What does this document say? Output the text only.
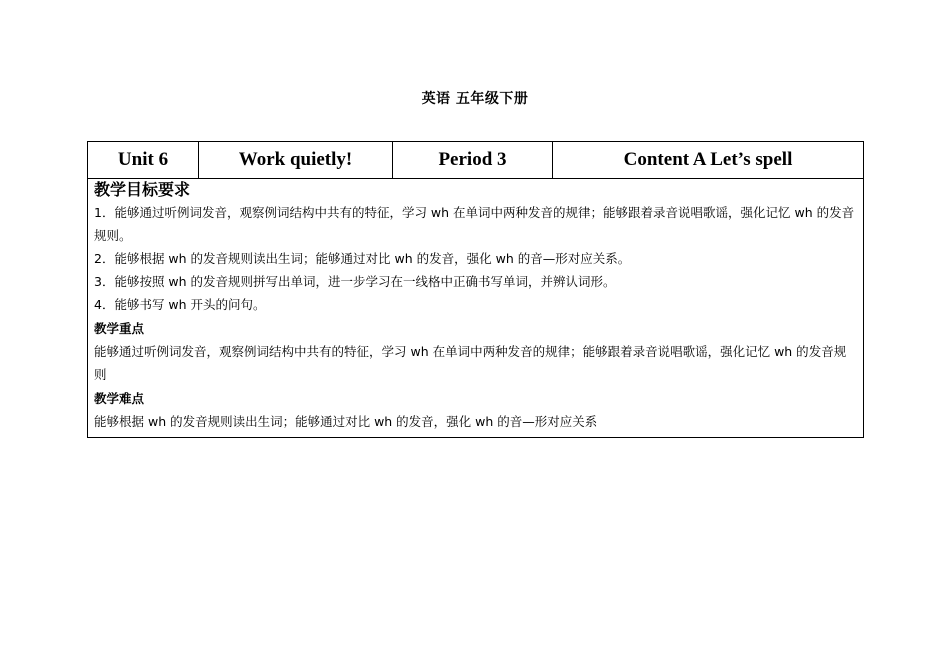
英语 五年级下册
Unit 6	Work quietly!	Period 3	Content A Let’s spell

教学目标要求

1．能够通过听例词发音，观察例词结构中共有的特征，学习 wh 在单词中两种发音的规律；能够跟着录音说唱歌谣，强化记忆 wh 的发音规则。

2．能够根据 wh 的发音规则读出生词；能够通过对比 wh 的发音，强化 wh 的音—形对应关系。

3．能够按照 wh 的发音规则拼写出单词，进一步学习在一线格中正确书写单词，并辨认词形。

4．能够书写 wh 开头的问句。

教学重点

能够通过听例词发音，观察例词结构中共有的特征，学习 wh 在单词中两种发音的规律；能够跟着录音说唱歌谣，强化记忆 wh 的发音规则

教学难点

能够根据 wh 的发音规则读出生词；能够通过对比 wh 的发音，强化 wh 的音—形对应关系
